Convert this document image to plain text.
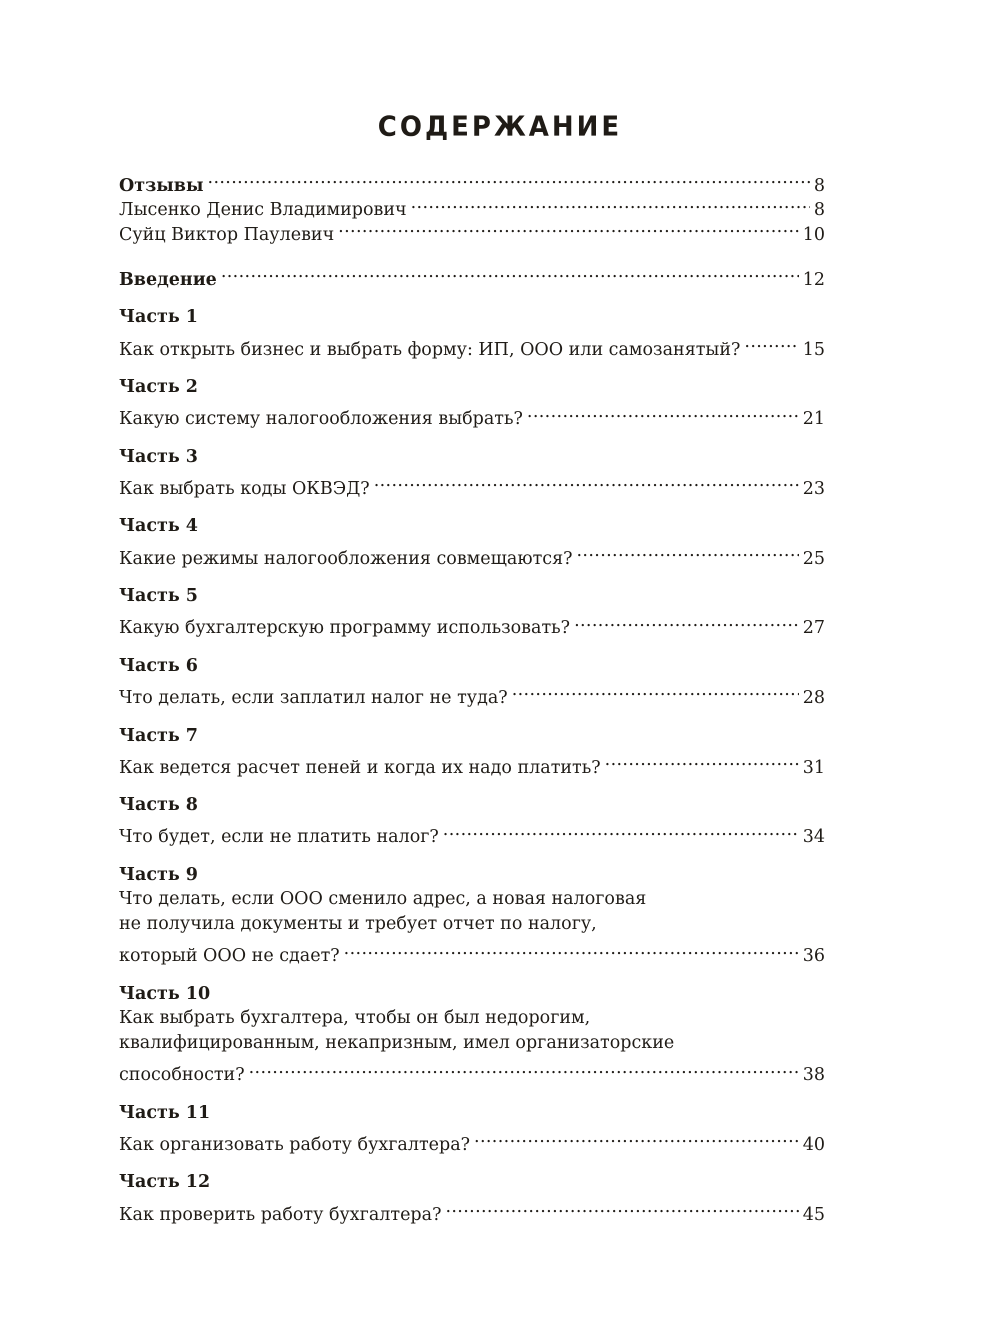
СОДЕРЖАНИЕ
Отзывы . . .	8
Лысенко Денис Владимирович . . .	8
Суйц Виктор Паулевич . . .	10
Введение . . .	12
Часть 1
Как открыть бизнес и выбрать форму: ИП, ООО или самозанятый? . . .	15
Часть 2
Какую систему налогообложения выбрать? . . .	21
Часть 3
Как выбрать коды ОКВЭД? . . .	23
Часть 4
Какие режимы налогообложения совмещаются? . . .	25
Часть 5
Какую бухгалтерскую программу использовать? . . .	27
Часть 6
Что делать, если заплатил налог не туда? . . .	28
Часть 7
Как ведется расчет пеней и когда их надо платить? . . .	31
Часть 8
Что будет, если не платить налог? . . .	34
Часть 9
Что делать, если ООО сменило адрес, а новая налоговая
не получила документы и требует отчет по налогу,
который ООО не сдает? . . .	36
Часть 10
Как выбрать бухгалтера, чтобы он был недорогим,
квалифицированным, некапризным, имел организаторские
способности? . . .	38
Часть 11
Как организовать работу бухгалтера? . . .	40
Часть 12
Как проверить работу бухгалтера? . . .	45
